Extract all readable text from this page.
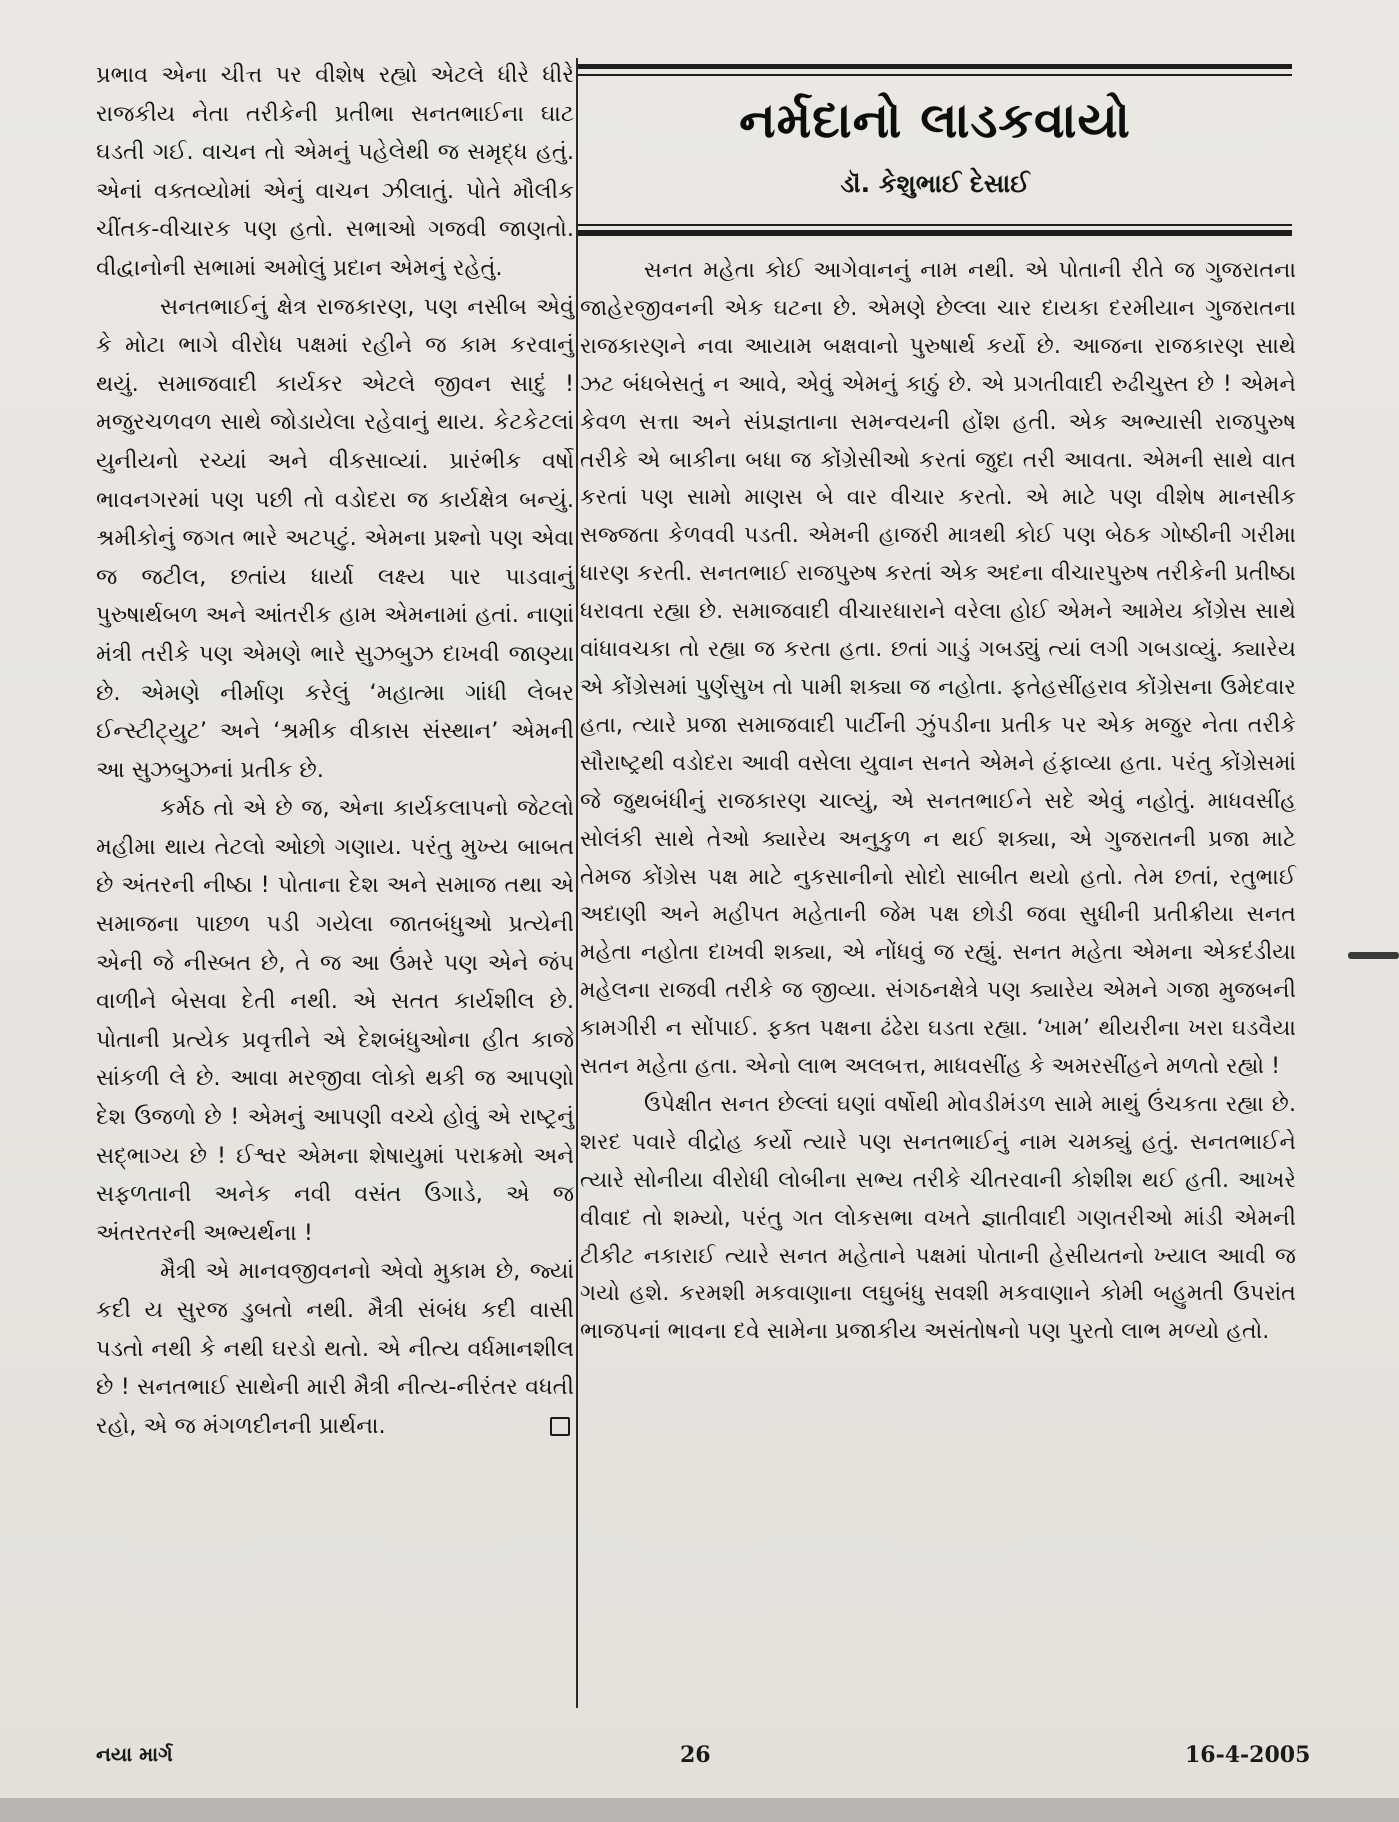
પ્રભાવ એના ચીત્ત પર વીશેષ રહ્યો એટલે ધીરે ધીરે રાજકીય નેતા તરીકેની પ્રતીભા સનતભાઈના ઘાટ ઘડતી ગઈ. વાચન તો એમનું પહેલેથી જ સમૃદ્ધ હતું. એનાં વક્તવ્યોમાં એનું વાચન ઝીલાતું. પોતે મૌલીક ચીંતક-વીચારક પણ હતો. સભાઓ ગજવી જાણતો. વીદ્વાનોની સભામાં અમોલું પ્રદાન એમનું રહેતું.

સનતભાઈનું ક્ષેત્ર રાજકારણ, પણ નસીબ એવું કે મોટા ભાગે વીરોધ પક્ષમાં રહીને જ કામ કરવાનું થયું. સમાજવાદી કાર્યકર એટલે જીવન સાદું ! મજુરચળવળ સાથે જોડાયેલા રહેવાનું થાય. કેટકેટલાં યુનીયનો રચ્યાં અને વીકસાવ્યાં. પ્રારંભીક વર્ષો ભાવનગરમાં પણ પછી તો વડોદરા જ કાર્યક્ષેત્ર બન્યું. શ્રમીકોનું જગત ભારે અટપટું. એમના પ્રશ્નો પણ એવા જ જટીલ, છતાંય ધાર્યા લક્ષ્ય પાર પાડવાનું પુરુષાર્થબળ અને આંતરીક હામ એમનામાં હતાં. નાણાં મંત્રી તરીકે પણ એમણે ભારે સુઝબુઝ દાખવી જાણ્યા છે. એમણે નીર્માણ કરેલું ‘મહાત્મા ગાંધી લેબર ઈન્સ્ટીટ્યુટ’ અને ‘શ્રમીક વીકાસ સંસ્થાન’ એમની આ સુઝબુઝનાં પ્રતીક છે.

કર્મઠ તો એ છે જ, એના કાર્યકલાપનો જેટલો મહીમા થાય તેટલો ઓછો ગણાય. પરંતુ મુખ્ય બાબત છે અંતરની નીષ્ઠા ! પોતાના દેશ અને સમાજ તથા એ સમાજના પાછળ પડી ગયેલા જાતબંધુઓ પ્રત્યેની એની જે નીસ્બત છે, તે જ આ ઉંમરે પણ એને જંપ વાળીને બેસવા દેતી નથી. એ સતત કાર્યશીલ છે. પોતાની પ્રત્યેક પ્રવૃત્તીને એ દેશબંધુઓના હીત કાજે સાંકળી લે છે. આવા મરજીવા લોકો થકી જ આપણો દેશ ઉજળો છે ! એમનું આપણી વચ્ચે હોવું એ રાષ્ટ્રનું સદ્ભાગ્ય છે ! ઈશ્વર એમના શેષાયુમાં પરાક્રમો અને સફળતાની અનેક નવી વસંત ઉગાડે, એ જ અંતરતરની અભ્યર્થના !

મૈત્રી એ માનવજીવનનો એવો મુકામ છે, જ્યાં કદી ય સુરજ ડુબતો નથી. મૈત્રી સંબંધ કદી વાસી પડતો નથી કે નથી ઘરડો થતો. એ નીત્ય વર્ધમાનશીલ છે ! સનતભાઈ સાથેની મારી મૈત્રી નીત્ય-નીરંતર વધતી રહો, એ જ મંગળદીનની પ્રાર્થના.

નર્મદાનો લાડકવાયો
ડૉ. કેશુભાઈ દેસાઈ

સનત મહેતા કોઈ આગેવાનનું નામ નથી. એ પોતાની રીતે જ ગુજરાતના જાહેરજીવનની એક ઘટના છે. એમણે છેલ્લા ચાર દાયકા દરમીયાન ગુજરાતના રાજકારણને નવા આયામ બક્ષવાનો પુરુષાર્થ કર્યો છે. આજના રાજકારણ સાથે ઝટ બંધબેસતું ન આવે, એવું એમનું કાઠું છે. એ પ્રગતીવાદી રુઢીચુસ્ત છે ! એમને કેવળ સત્તા અને સંપ્રજ્ઞતાના સમન્વયની હોંશ હતી. એક અભ્યાસી રાજપુરુષ તરીકે એ બાકીના બધા જ કોંગ્રેસીઓ કરતાં જુદા તરી આવતા. એમની સાથે વાત કરતાં પણ સામો માણસ બે વાર વીચાર કરતો. એ માટે પણ વીશેષ માનસીક સજ્જતા કેળવવી પડતી. એમની હાજરી માત્રથી કોઈ પણ બેઠક ગોષ્ઠીની ગરીમા ધારણ કરતી. સનતભાઈ રાજપુરુષ કરતાં એક અદના વીચારપુરુષ તરીકેની પ્રતીષ્ઠા ધરાવતા રહ્યા છે. સમાજવાદી વીચારધારાને વરેલા હોઈ એમને આમેય કોંગ્રેસ સાથે વાંધાવચકા તો રહ્યા જ કરતા હતા. છતાં ગાડું ગબડ્યું ત્યાં લગી ગબડાવ્યું. ક્યારેય એ કોંગ્રેસમાં પુર્ણસુખ તો પામી શક્યા જ નહોતા. ફતેહસીંહરાવ કોંગ્રેસના ઉમેદવાર હતા, ત્યારે પ્રજા સમાજવાદી પાર્ટીની ઝુંપડીના પ્રતીક પર એક મજુર નેતા તરીકે સૌરાષ્ટ્રથી વડોદરા આવી વસેલા યુવાન સનતે એમને હંફાવ્યા હતા. પરંતુ કોંગ્રેસમાં જે જુથબંધીનું રાજકારણ ચાલ્યું, એ સનતભાઈને સદે એવું નહોતું. માધવસીંહ સોલંકી સાથે તેઓ ક્યારેય અનુકુળ ન થઈ શક્યા, એ ગુજરાતની પ્રજા માટે તેમજ કોંગ્રેસ પક્ષ માટે નુકસાનીનો સોદો સાબીત થયો હતો. તેમ છતાં, રતુભાઈ અદાણી અને મહીપત મહેતાની જેમ પક્ષ છોડી જવા સુધીની પ્રતીક્રીયા સનત મહેતા નહોતા દાખવી શક્યા, એ નોંધવું જ રહ્યું. સનત મહેતા એમના એકદંડીયા મહેલના રાજવી તરીકે જ જીવ્યા. સંગઠનક્ષેત્રે પણ ક્યારેય એમને ગજા મુજબની કામગીરી ન સોંપાઈ. ફક્ત પક્ષના ઢંઢેરા ઘડતા રહ્યા. ‘ખામ’ થીયરીના ખરા ઘડવૈયા સતન મહેતા હતા. એનો લાભ અલબત્ત, માધવસીંહ કે અમરસીંહને મળતો રહ્યો !

ઉપેક્ષીત સનત છેલ્લાં ઘણાં વર્ષોથી મોવડીમંડળ સામે માથું ઉંચકતા રહ્યા છે. શરદ પવારે વીદ્રોહ કર્યો ત્યારે પણ સનતભાઈનું નામ ચમક્યું હતું. સનતભાઈને ત્યારે સોનીયા વીરોધી લોબીના સભ્ય તરીકે ચીતરવાની કોશીશ થઈ હતી. આખરે વીવાદ તો શમ્યો, પરંતુ ગત લોકસભા વખતે જ્ઞાતીવાદી ગણતરીઓ માંડી એમની ટીકીટ નકારાઈ ત્યારે સનત મહેતાને પક્ષમાં પોતાની હેસીયતનો ખ્યાલ આવી જ ગયો હશે. કરમશી મકવાણાના લઘુબંધુ સવશી મકવાણાને કોમી બહુમતી ઉપરાંત ભાજપનાં ભાવના દવે સામેના પ્રજાકીય અસંતોષનો પણ પુરતો લાભ મળ્યો હતો.

નયા માર્ગ	26	16-4-2005
